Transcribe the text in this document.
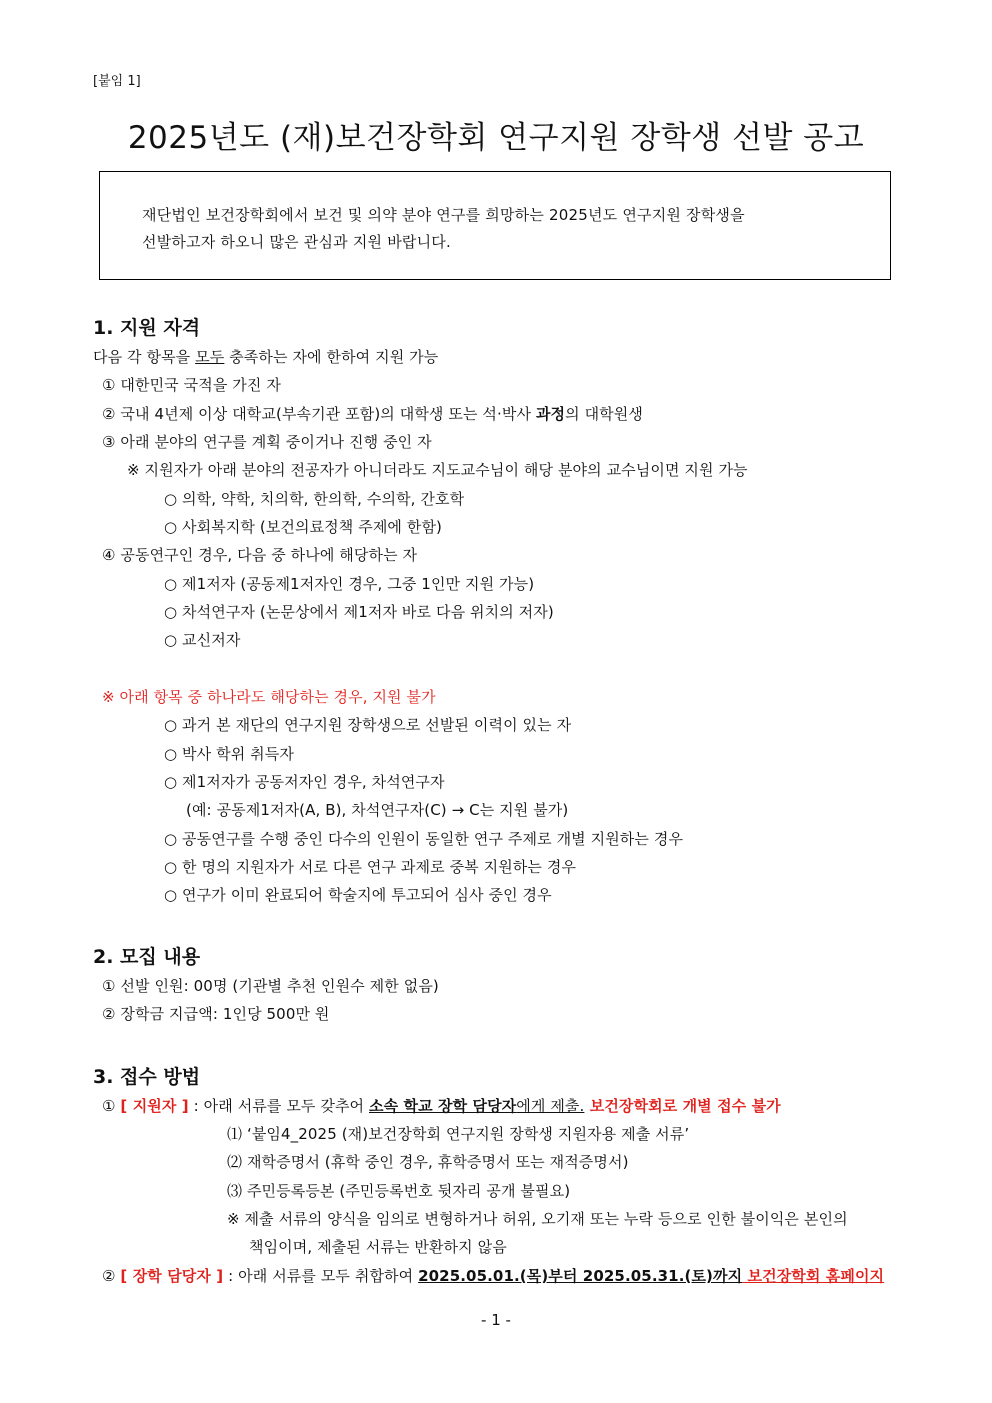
[붙임 1]
2025년도 (재)보건장학회 연구지원 장학생 선발 공고
재단법인 보건장학회에서 보건 및 의약 분야 연구를 희망하는 2025년도 연구지원 장학생을
선발하고자 하오니 많은 관심과 지원 바랍니다.
1. 지원 자격
다음 각 항목을 모두 충족하는 자에 한하여 지원 가능
① 대한민국 국적을 가진 자
② 국내 4년제 이상 대학교(부속기관 포함)의 대학생 또는 석·박사 과정의 대학원생
③ 아래 분야의 연구를 계획 중이거나 진행 중인 자
※ 지원자가 아래 분야의 전공자가 아니더라도 지도교수님이 해당 분야의 교수님이면 지원 가능
○ 의학, 약학, 치의학, 한의학, 수의학, 간호학
○ 사회복지학 (보건의료정책 주제에 한함)
④ 공동연구인 경우, 다음 중 하나에 해당하는 자
○ 제1저자 (공동제1저자인 경우, 그중 1인만 지원 가능)
○ 차석연구자 (논문상에서 제1저자 바로 다음 위치의 저자)
○ 교신저자
※ 아래 항목 중 하나라도 해당하는 경우, 지원 불가
○ 과거 본 재단의 연구지원 장학생으로 선발된 이력이 있는 자
○ 박사 학위 취득자
○ 제1저자가 공동저자인 경우, 차석연구자
(예: 공동제1저자(A, B), 차석연구자(C) → C는 지원 불가)
○ 공동연구를 수행 중인 다수의 인원이 동일한 연구 주제로 개별 지원하는 경우
○ 한 명의 지원자가 서로 다른 연구 과제로 중복 지원하는 경우
○ 연구가 이미 완료되어 학술지에 투고되어 심사 중인 경우
2. 모집 내용
① 선발 인원: 00명 (기관별 추천 인원수 제한 없음)
② 장학금 지급액: 1인당 500만 원
3. 접수 방법
① [ 지원자 ] : 아래 서류를 모두 갖추어 소속 학교 장학 담당자에게 제출. 보건장학회로 개별 접수 불가
⑴ ‘붙임4_2025 (재)보건장학회 연구지원 장학생 지원자용 제출 서류’
⑵ 재학증명서 (휴학 중인 경우, 휴학증명서 또는 재적증명서)
⑶ 주민등록등본 (주민등록번호 뒷자리 공개 불필요)
※ 제출 서류의 양식을 임의로 변형하거나 허위, 오기재 또는 누락 등으로 인한 불이익은 본인의
책임이며, 제출된 서류는 반환하지 않음
② [ 장학 담당자 ] : 아래 서류를 모두 취합하여 2025.05.01.(목)부터 2025.05.31.(토)까지 보건장학회 홈페이지
- 1 -
